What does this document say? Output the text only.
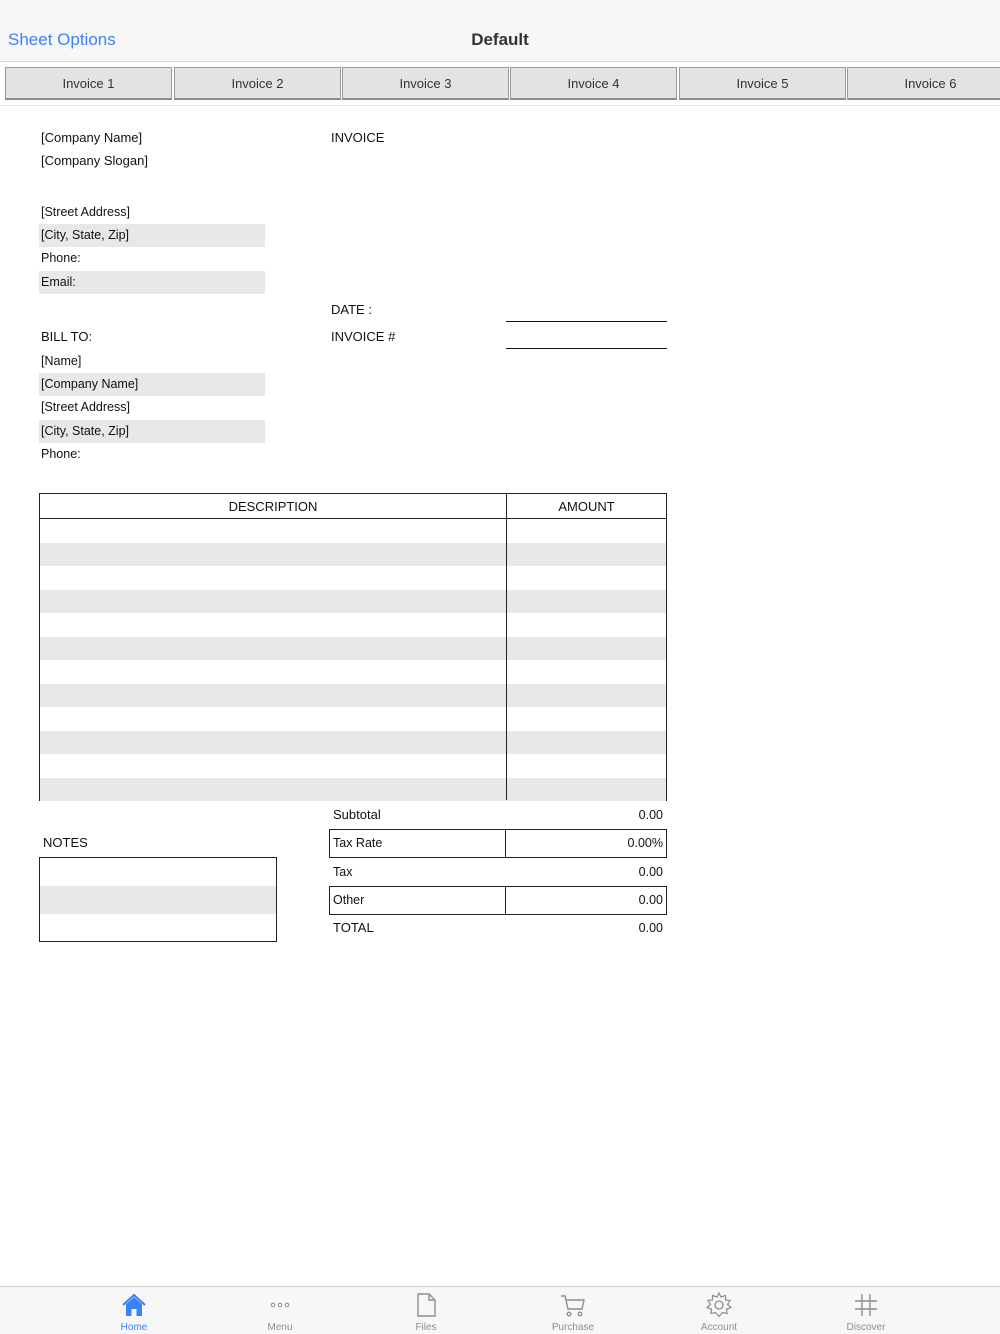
Sheet Options	Default
Invoice 1	Invoice 2	Invoice 3	Invoice 4	Invoice 5	Invoice 6
[Company Name]
[Company Slogan]
INVOICE
[Street Address]
[City, State, Zip]
Phone:
Email:
DATE :
INVOICE #
BILL TO:
[Name]
[Company Name]
[Street Address]
[City, State, Zip]
Phone:
DESCRIPTION	AMOUNT
Subtotal	0.00
Tax Rate	0.00%
Tax	0.00
Other	0.00
TOTAL	0.00
NOTES
Home	Menu	Files	Purchase	Account	Discover
